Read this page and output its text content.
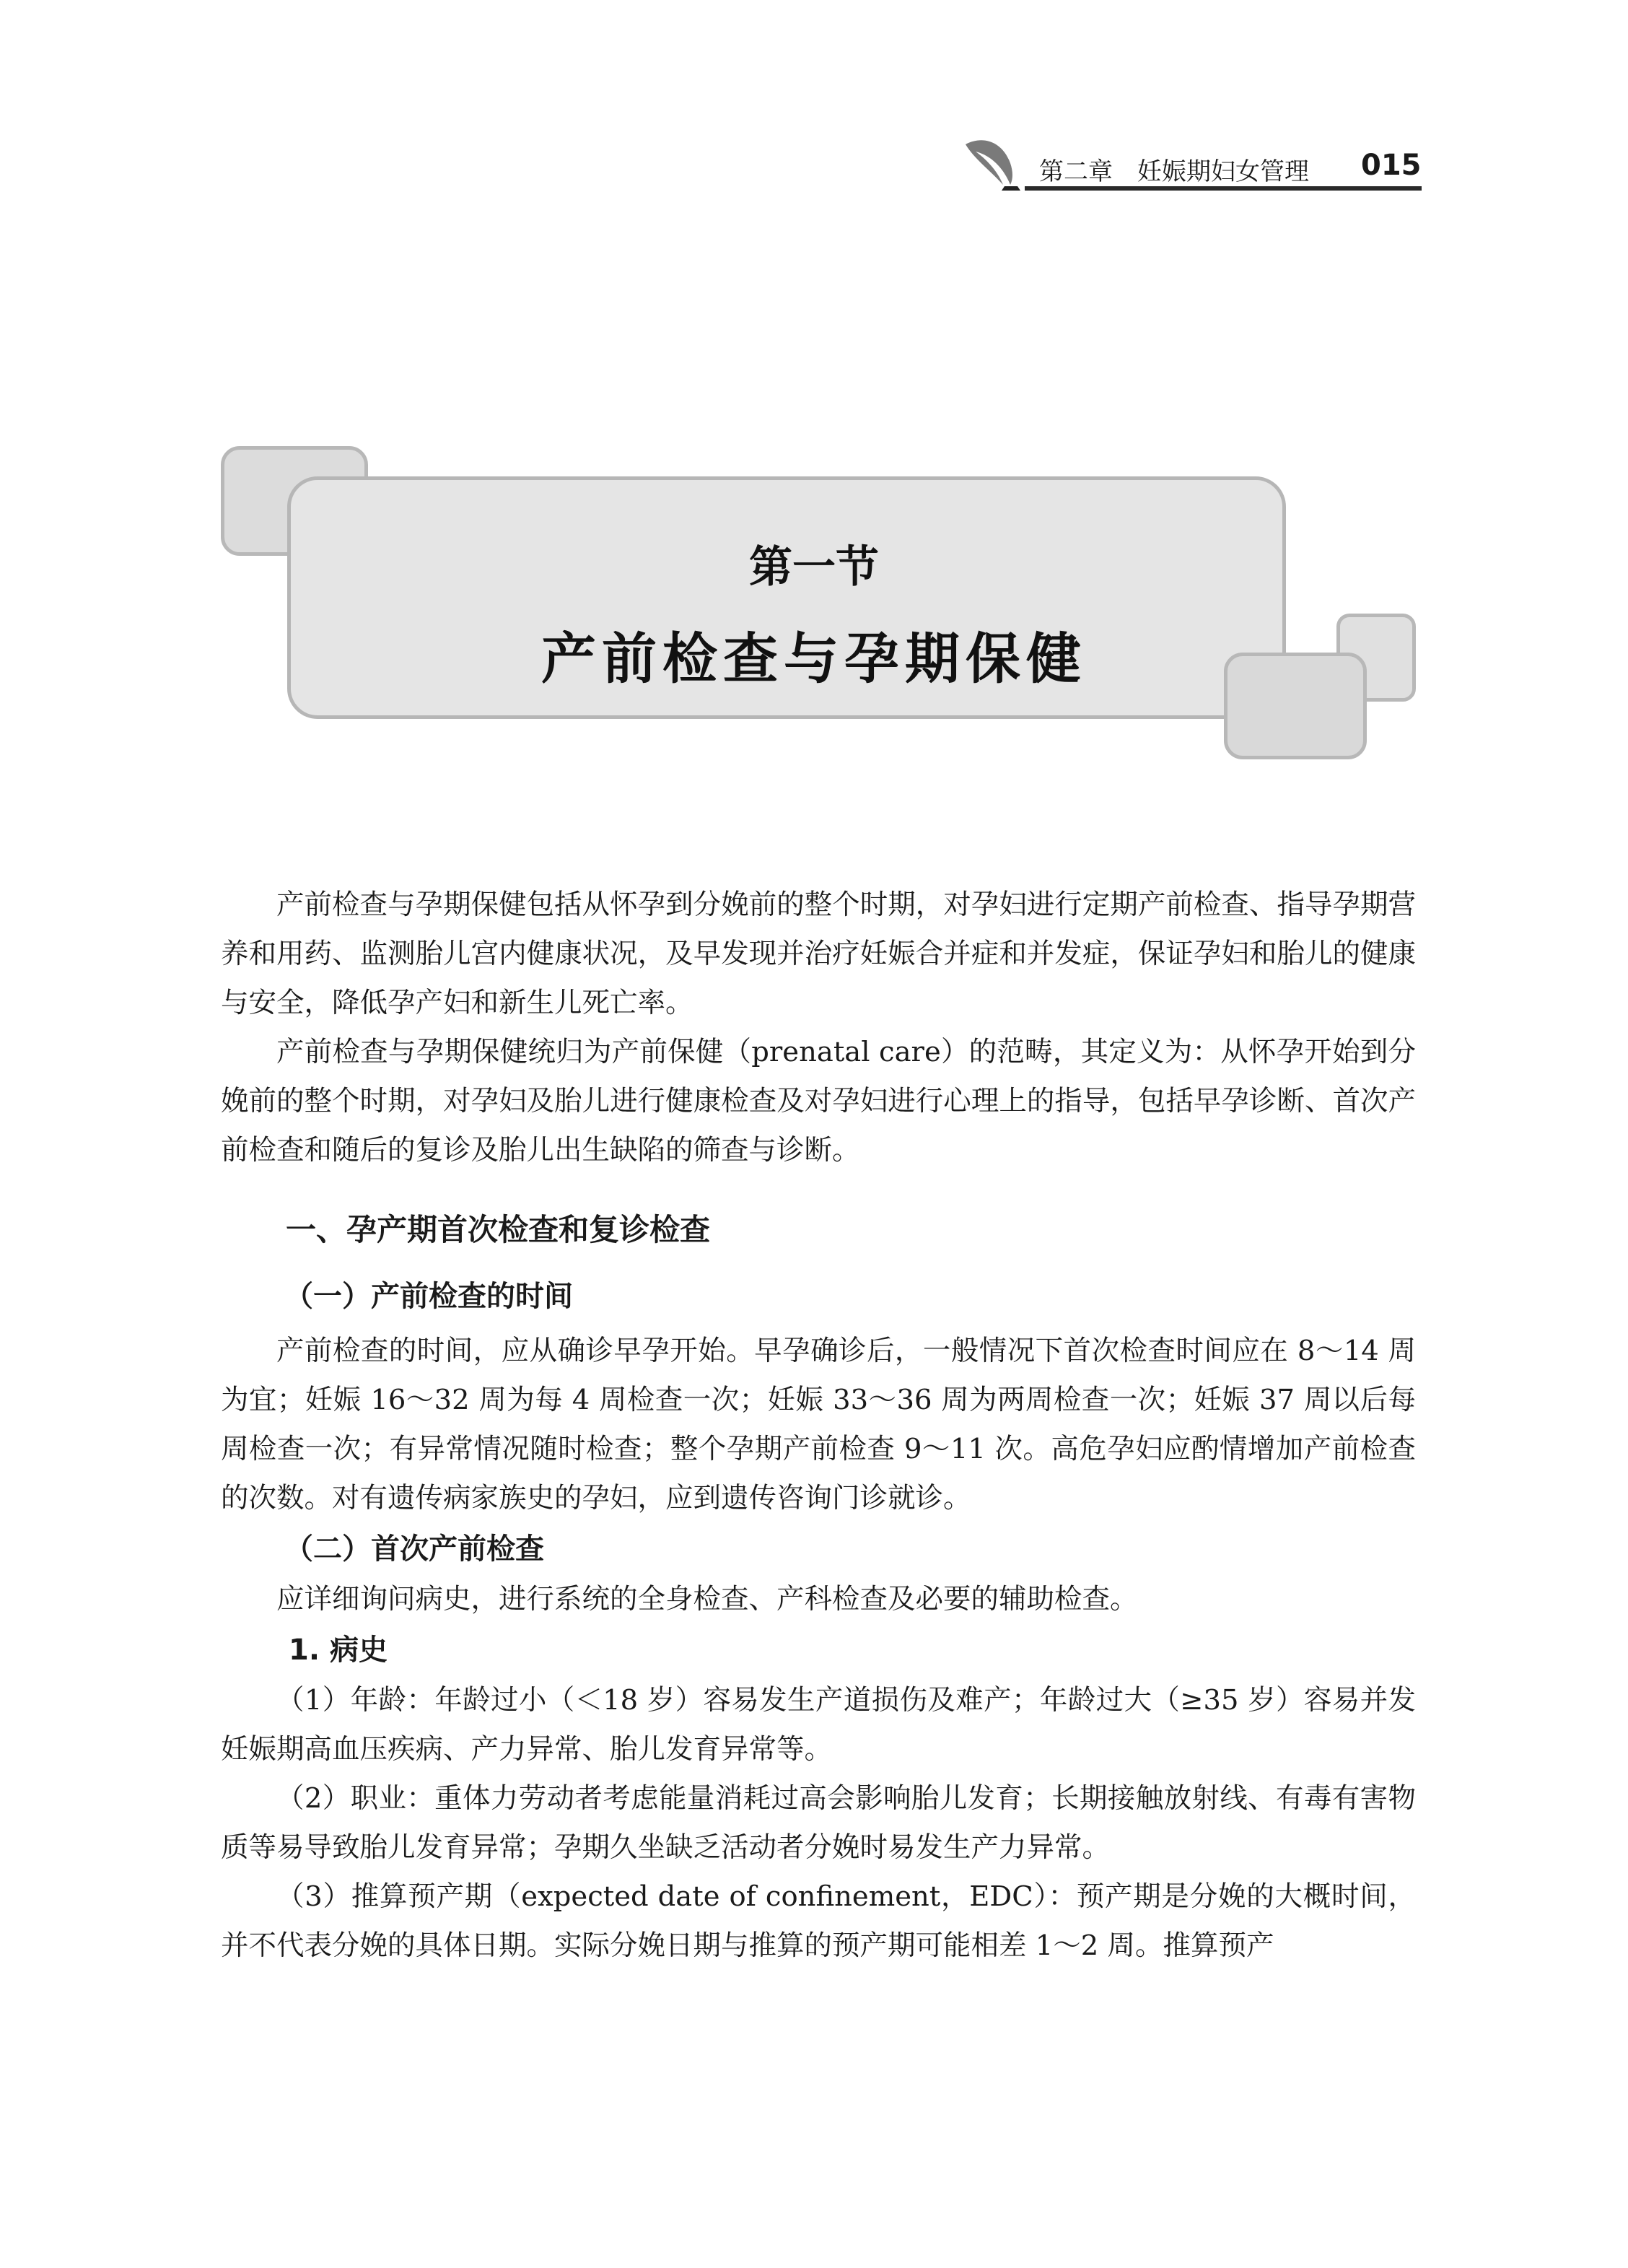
第二章　妊娠期妇女管理 015
第一节
产前检查与孕期保健

产前检查与孕期保健包括从怀孕到分娩前的整个时期，对孕妇进行定期产前检查、指导孕期营养和用药、监测胎儿宫内健康状况，及早发现并治疗妊娠合并症和并发症，保证孕妇和胎儿的健康与安全，降低孕产妇和新生儿死亡率。

产前检查与孕期保健统归为产前保健（prenatal care）的范畴，其定义为：从怀孕开始到分娩前的整个时期，对孕妇及胎儿进行健康检查及对孕妇进行心理上的指导，包括早孕诊断、首次产前检查和随后的复诊及胎儿出生缺陷的筛查与诊断。

一、孕产期首次检查和复诊检查
（一）产前检查的时间

产前检查的时间，应从确诊早孕开始。早孕确诊后，一般情况下首次检查时间应在 8～14 周为宜；妊娠 16～32 周为每 4 周检查一次；妊娠 33～36 周为两周检查一次；妊娠 37 周以后每周检查一次；有异常情况随时检查；整个孕期产前检查 9～11 次。高危孕妇应酌情增加产前检查的次数。对有遗传病家族史的孕妇，应到遗传咨询门诊就诊。

（二）首次产前检查

应详细询问病史，进行系统的全身检查、产科检查及必要的辅助检查。

1. 病史

（1）年龄：年龄过小（＜18 岁）容易发生产道损伤及难产；年龄过大（≥35 岁）容易并发妊娠期高血压疾病、产力异常、胎儿发育异常等。

（2）职业：重体力劳动者考虑能量消耗过高会影响胎儿发育；长期接触放射线、有毒有害物质等易导致胎儿发育异常；孕期久坐缺乏活动者分娩时易发生产力异常。

（3）推算预产期（expected date of confinement，EDC）：预产期是分娩的大概时间，并不代表分娩的具体日期。实际分娩日期与推算的预产期可能相差 1～2 周。推算预产
